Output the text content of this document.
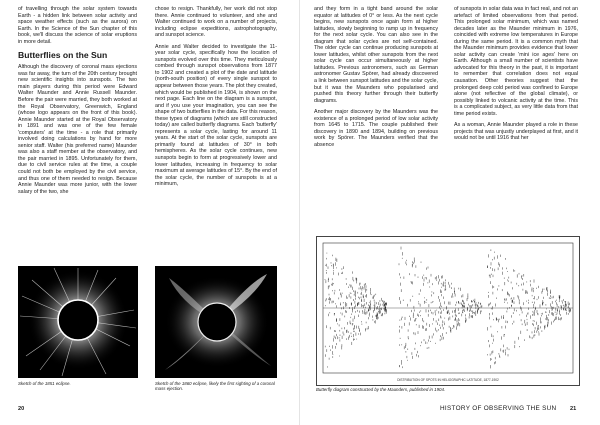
of travelling through the solar system towards Earth - a hidden link between solar activity and space weather effects (such as the aurora) on Earth. In the Science of the Sun chapter of this book, we'll discuss the science of solar eruptions in more detail.

Butterflies on the Sun

Although the discovery of coronal mass ejections was far away, the turn of the 20th century brought new scientific insights into sunspots. The two main players during this period were Edward Walter Maunder and Annie Russell Maunder. Before the pair were married, they both worked at the Royal Observatory, Greenwich, England (whose logo appears on the front of this book). Annie Maunder started at the Royal Observatory in 1891 and was one of the few female 'computers' at the time - a role that primarily involved doing calculations by hand for more senior staff. Walter (his preferred name) Maunder was also a staff member at the observatory, and the pair married in 1895. Unfortunately for them, due to civil service rules at the time, a couple could not both be employed by the civil service, and thus one of them needed to resign. Because Annie Maunder was more junior, with the lower salary of the two, she

chose to resign. Thankfully, her work did not stop there. Annie continued to volunteer, and she and Walter continued to work on a number of projects, including eclipse expeditions, astrophotography, and sunspot science.

Annie and Walter decided to investigate the 11-year solar cycle, specifically how the location of sunspots evolved over this time. They meticulously combed through sunspot observations from 1877 to 1902 and created a plot of the date and latitude (north-south position) of every single sunspot to appear between those years. The plot they created, which would be published in 1904, is shown on the next page. Each line on the diagram is a sunspot, and if you use your imagination, you can see the shape of two butterflies in the data. For this reason, these types of diagrams (which are still constructed today) are called butterfly diagrams. Each 'butterfly' represents a solar cycle, lasting for around 11 years. At the start of the solar cycle, sunspots are primarily found at latitudes of 30° in both hemispheres. As the solar cycle continues, new sunspots begin to form at progressively lower and lower latitudes, increasing in frequency to solar maximum at average latitudes of 15°. By the end of the solar cycle, the number of sunspots is at a minimum,

Sketch of the 1851 eclipse.	Sketch of the 1860 eclipse, likely the first sighting of a coronal mass ejection.
20

and they form in a tight band around the solar equator at latitudes of 0° or less. As the next cycle begins, new sunspots once again form at higher latitudes, slowly beginning to ramp up in frequency for the next solar cycle. You can also see in the diagram that solar cycles are not self-contained. The older cycle can continue producing sunspots at lower latitudes, whilst other sunspots from the next solar cycle can occur simultaneously at higher latitudes. Previous astronomers, such as German astronomer Gustav Spörer, had already discovered a link between sunspot latitudes and the solar cycle, but it was the Maunders who popularised and pushed this theory further through their butterfly diagrams.

Another major discovery by the Maunders was the existence of a prolonged period of low solar activity from 1645 to 1715. The couple published their discovery in 1890 and 1894, building on previous work by Spörer. The Maunders verified that the absence

of sunspots in solar data was in fact real, and not an artefact of limited observations from that period. This prolonged solar minimum, which was named decades later as the Maunder minimum in 1976, coincided with extreme low temperatures in Europe during the same period. It is a common myth that the Maunder minimum provides evidence that lower solar activity can create 'mini ice ages' here on Earth. Although a small number of scientists have advocated for this theory in the past, it is important to remember that correlation does not equal causation. Other theories suggest that the prolonged deep cold period was confined to Europe alone (not reflective of the global climate), or possibly linked to volcanic activity at the time. This is a complicated subject, as very little data from that time period exists.

As a woman, Annie Maunder played a role in these projects that was unjustly underplayed at first, and it would not be until 1916 that her

DISTRIBUTION OF SPOTS IN HELIOGRAPHIC LATITUDE, 1877-1902
Butterfly diagram constructed by the Maunders, published in 1904.
HISTORY OF OBSERVING THE SUN 21
